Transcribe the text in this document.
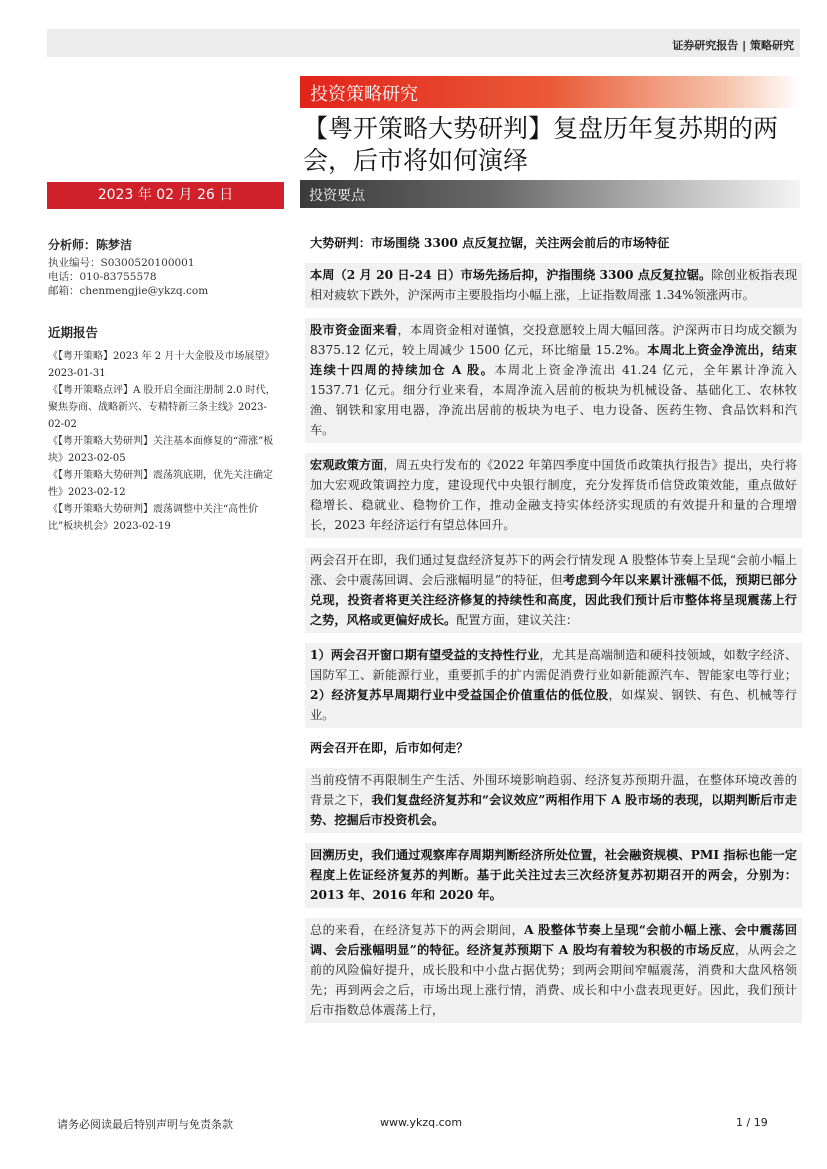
证券研究报告 | 策略研究
投资策略研究
【粤开策略大势研判】复盘历年复苏期的两会，后市将如何演绎
2023 年 02 月 26 日	投资要点
分析师：陈梦洁
执业编号：S0300520100001
电话：010-83755578
邮箱：chenmengjie@ykzq.com
近期报告
《【粤开策略】2023 年 2 月十大金股及市场展望》2023-01-31
《【粤开策略点评】A 股开启全面注册制 2.0 时代，聚焦券商、战略新兴、专精特新三条主线》2023-02-02
《【粤开策略大势研判】关注基本面修复的“滞涨”板块》2023-02-05
《【粤开策略大势研判】震荡筑底期，优先关注确定性》2023-02-12
《【粤开策略大势研判】震荡调整中关注“高性价比”板块机会》2023-02-19

大势研判：市场围绕 3300 点反复拉锯，关注两会前后的市场特征

本周（2 月 20 日-24 日）市场先扬后抑，沪指围绕 3300 点反复拉锯。除创业板指表现相对疲软下跌外，沪深两市主要股指均小幅上涨，上证指数周涨 1.34%领涨两市。

股市资金面来看，本周资金相对谨慎，交投意愿较上周大幅回落。沪深两市日均成交额为 8375.12 亿元，较上周减少 1500 亿元，环比缩量 15.2%。本周北上资金净流出，结束连续十四周的持续加仓 A 股。本周北上资金净流出 41.24 亿元，全年累计净流入 1537.71 亿元。细分行业来看，本周净流入居前的板块为机械设备、基础化工、农林牧渔、钢铁和家用电器，净流出居前的板块为电子、电力设备、医药生物、食品饮料和汽车。

宏观政策方面，周五央行发布的《2022 年第四季度中国货币政策执行报告》提出，央行将加大宏观政策调控力度，建设现代中央银行制度，充分发挥货币信贷政策效能，重点做好稳增长、稳就业、稳物价工作，推动金融支持实体经济实现质的有效提升和量的合理增长，2023 年经济运行有望总体回升。

两会召开在即，我们通过复盘经济复苏下的两会行情发现 A 股整体节奏上呈现“会前小幅上涨、会中震荡回调、会后涨幅明显”的特征，但考虑到今年以来累计涨幅不低，预期已部分兑现，投资者将更关注经济修复的持续性和高度，因此我们预计后市整体将呈现震荡上行之势，风格或更偏好成长。配置方面，建议关注：

1）两会召开窗口期有望受益的支持性行业，尤其是高端制造和硬科技领域，如数字经济、国防军工、新能源行业，重要抓手的扩内需促消费行业如新能源汽车、智能家电等行业；2）经济复苏早周期行业中受益国企价值重估的低位股，如煤炭、钢铁、有色、机械等行业。

两会召开在即，后市如何走？

当前疫情不再限制生产生活、外围环境影响趋弱、经济复苏预期升温，在整体环境改善的背景之下，我们复盘经济复苏和“会议效应”两相作用下 A 股市场的表现，以期判断后市走势、挖掘后市投资机会。

回溯历史，我们通过观察库存周期判断经济所处位置，社会融资规模、PMI 指标也能一定程度上佐证经济复苏的判断。基于此关注过去三次经济复苏初期召开的两会，分别为：2013 年、2016 年和 2020 年。

总的来看，在经济复苏下的两会期间，A 股整体节奏上呈现“会前小幅上涨、会中震荡回调、会后涨幅明显”的特征。经济复苏预期下 A 股均有着较为积极的市场反应，从两会之前的风险偏好提升，成长股和中小盘占据优势；到两会期间窄幅震荡，消费和大盘风格领先；再到两会之后，市场出现上涨行情，消费、成长和中小盘表现更好。因此，我们预计后市指数总体震荡上行，

请务必阅读最后特别声明与免责条款	www.ykzq.com	1 / 19
